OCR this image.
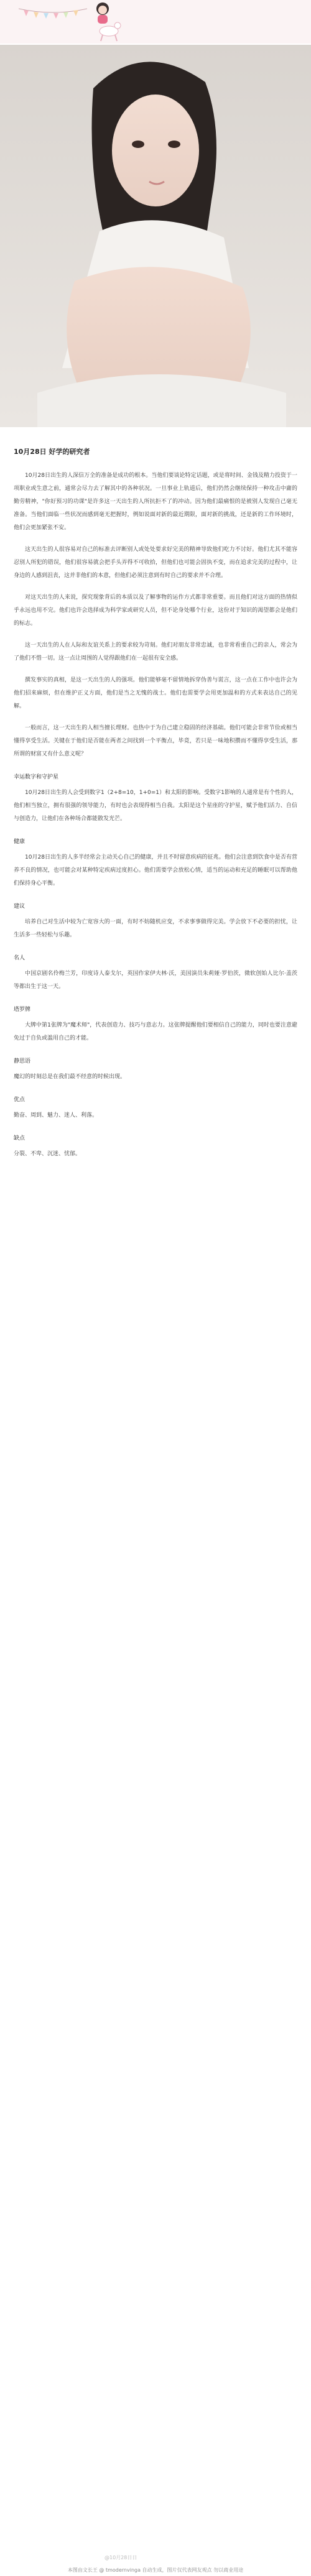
10月28日 好学的研究者

10月28日出生的人深信万全的准备是成功的根本。当他们要谈论特定话题，或是将时间、金钱及精力投资于一项职业或生意之前，通常会尽力去了解其中的各种状况。一旦事业上轨道后，他们仍然会继续保持一种攻击中庸的勤劳精神，"你好预习的功课"是许多这一天出生的人所抗拒不了的冲动。因为他们最痛恨的是被别人发现自己毫无准备。当他们面临一些状况而感到毫无把握时，例如说面对新的最近期限，面对新的挑战，还是新的工作环境时，他们会更加紧张不安。

这天出生的人很容易对自己的标准去评断别人或处处要求好完美的精神导致他们吃力不讨好。他们尤其不能容忍别人所犯的错误，他们很容易就会把手头弄得不可收拾，但他们也可能会固执不变，而在追求完美的过程中，让身边的人感到沮丧，这并非他们的本意，但他们必须注意到有时自己的要求并不合理。

对这天出生的人来说，探究现象背后的本质以及了解事物的运作方式都非常重要。而且他们对这方面的热情似乎永远也用不完。他们也许会选择成为科学家或研究人员，但不论身处哪个行业，这份对于知识的渴望都会是他们的标志。

这一天出生的人在人际和友谊关系上的要求较为苛刻。他们对朋友非常忠诚，也非常看重自己的亲人，常会为了他们不惜一切。这一点让周围的人觉得跟他们在一起很有安全感。

撰发事实的真相，是这一天出生的人的强项。他们能够毫不留情地拆穿伪善与谎言，这一点在工作中也许会为他们招来麻烦，但在维护正义方面，他们是当之无愧的战士。他们也需要学会用更加温和的方式来表达自己的见解。

一般而言，这一天出生的人相当擅长理财。也热中于为自己建立稳固的经济基础。他们可能会非常节俭或相当懂得享受生活。关键在于他们是否能在两者之间找到一个平衡点，毕竟，若只是一味地积攒而不懂得享受生活，那所谓的财富又有什么意义呢？

幸运数字和守护星

10月28日出生的人会受到数字1（2+8=10，1+0=1）和太阳的影响。受数字1影响的人通常是有个性的人，他们相当独立，拥有很强的领导能力，有时也会表现得相当自我。太阳是这个星座的守护星，赋予他们活力、自信与创造力，让他们在各种场合都能散发光芒。

健康

10月28日出生的人多半经常会主动关心自己的健康，并且不时留意疾病的征兆。他们会注意到饮食中是否有营养不良的情况，也可能会对某种特定疾病过度担心。他们需要学会放松心情，适当的运动和充足的睡眠可以帮助他们保持身心平衡。

建议

培养自己对生活中较为亡宽容大的一面，有时不妨随机应变，不求事事做得完美。学会放下不必要的担忧，让生活多一些轻松与乐趣。

名人

中国京剧名伶梅兰芳，印度诗人泰戈尔，英国作家伊夫林·沃，美国演员朱莉娅·罗伯茨，微软创始人比尔·盖茨等都出生于这一天。

塔罗牌

大牌中第1张牌为"魔术师"，代表创造力、技巧与意志力。这张牌提醒他们要相信自己的能力，同时也要注意避免过于自负或滥用自己的才能。

静思语

魔幻的时刻总是在我们最不经意的时候出现。

优点

勤奋、周到、魅力、迷人、利落。

缺点

分裂、不卑、沉迷、忧郁。

@10月28日日
本图由文长王 @ tmodernvinga 自动生成，图片仅代表网友观点 勿以商业用途
